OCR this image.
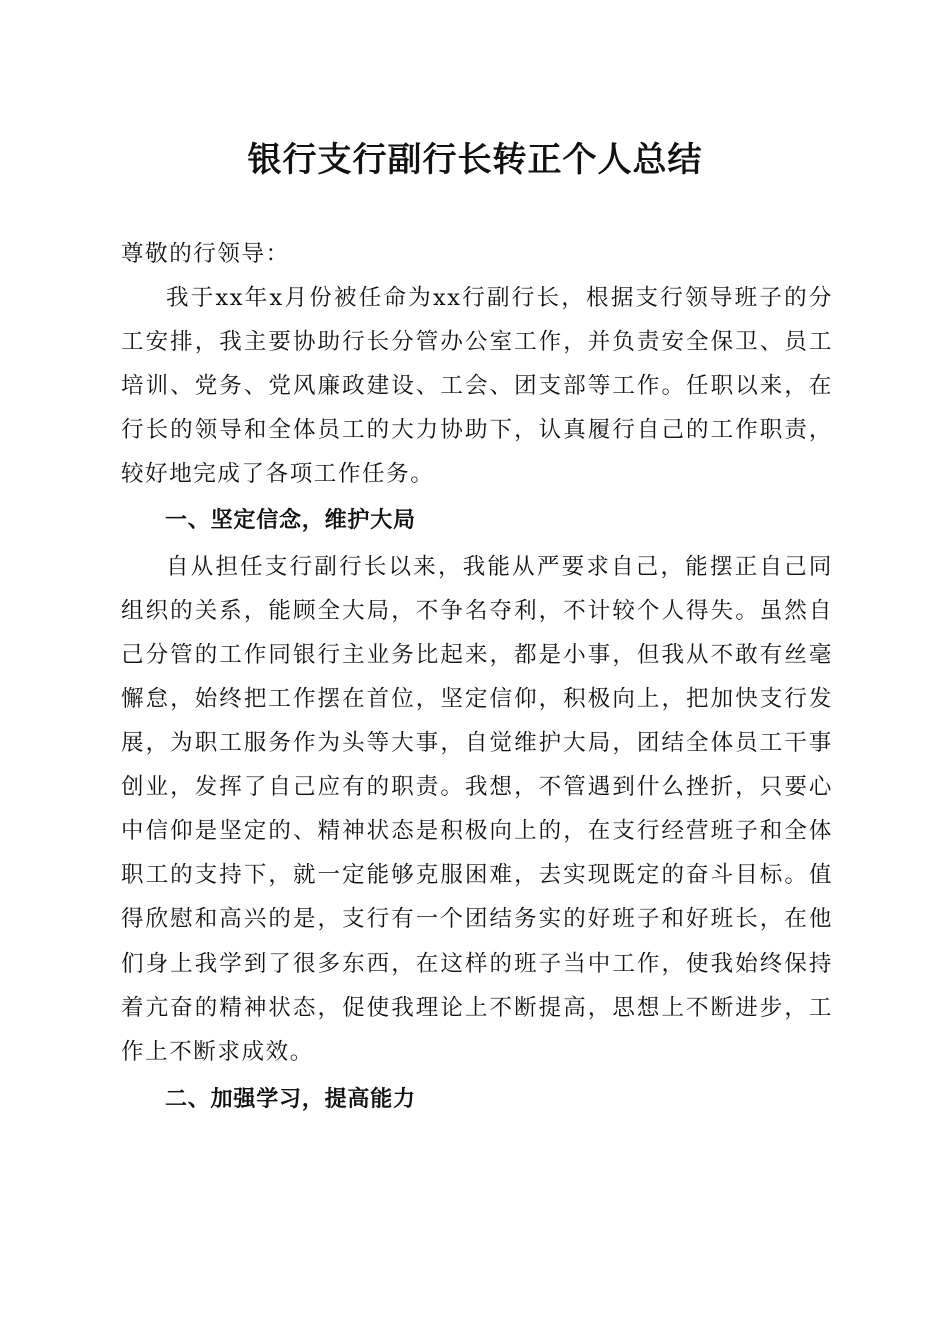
银行支行副行长转正个人总结

尊敬的行领导：

我于xx年x月份被任命为xx行副行长，根据支行领导班子的分工安排，我主要协助行长分管办公室工作，并负责安全保卫、员工培训、党务、党风廉政建设、工会、团支部等工作。任职以来，在行长的领导和全体员工的大力协助下，认真履行自己的工作职责，较好地完成了各项工作任务。

一、坚定信念，维护大局

自从担任支行副行长以来，我能从严要求自己，能摆正自己同组织的关系，能顾全大局，不争名夺利，不计较个人得失。虽然自己分管的工作同银行主业务比起来，都是小事，但我从不敢有丝毫懈怠，始终把工作摆在首位，坚定信仰，积极向上，把加快支行发展，为职工服务作为头等大事，自觉维护大局，团结全体员工干事创业，发挥了自己应有的职责。我想，不管遇到什么挫折，只要心中信仰是坚定的、精神状态是积极向上的，在支行经营班子和全体职工的支持下，就一定能够克服困难，去实现既定的奋斗目标。值得欣慰和高兴的是，支行有一个团结务实的好班子和好班长，在他们身上我学到了很多东西，在这样的班子当中工作，使我始终保持着亢奋的精神状态，促使我理论上不断提高，思想上不断进步，工作上不断求成效。

二、加强学习，提高能力
